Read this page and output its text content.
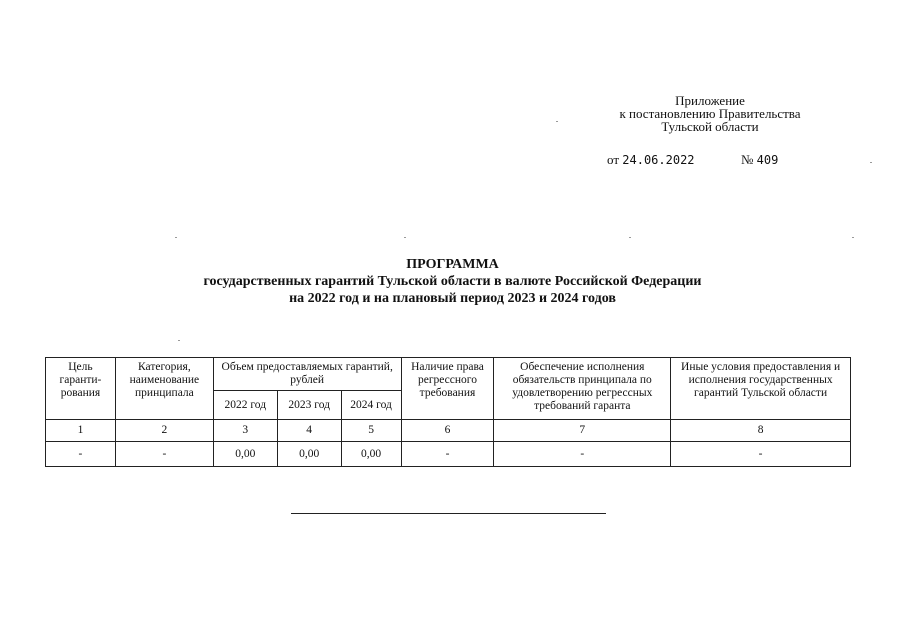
Приложение
к постановлению Правительства
Тульской области
от 24.06.2022	№ 409
ПРОГРАММА
государственных гарантий Тульской области в валюте Российской Федерации
на 2022 год и на плановый период 2023 и 2024 годов
Цель гаранти-рования	Категория, наименование принципала	Объем предоставляемых гарантий, рублей			Наличие права регрессного требования	Обеспечение исполнения обязательств принципала по удовлетворению регрессных требований гаранта	Иные условия предоставления и исполнения государственных гарантий Тульской области
		2022 год	2023 год	2024 год			
1	2	3	4	5	6	7	8
-	-	0,00	0,00	0,00	-	-	-
